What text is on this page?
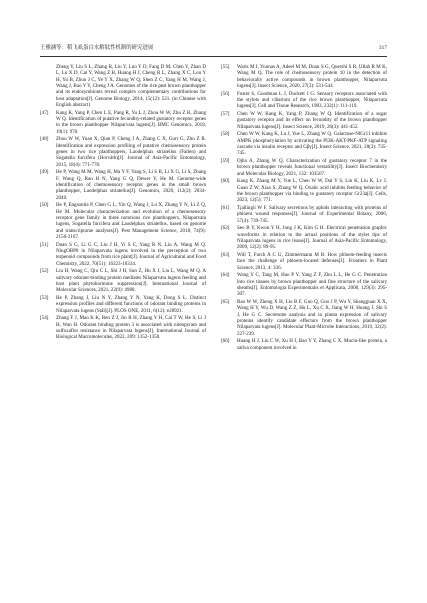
王雅涵等：稻飞虱蛋白水解肽性机制的研究进展	317
Zheng Y, Liu S L, Zhang R, Liu Y, Luo Y D, Fang D M, Chen Y, Zhan D L, Lu X D, Cai Y, Wang Z B, Huang H J, Cheng R L, Zhang X C, Lou Y H, Yu B, Zhuo J C, Ye Y X, Zhang W Q, Shen Z C, Yang H M, Wang J, Wang J, Bao Y Y, Cheng J A. Genomes of the rice pest brown planthopper and its endosymbionts reveal complex complementary contributions for host adaptation[J]. Genome Biology, 2014, 15(12): 521. (in Chinese with English abstract)
[47] Kang K, Yang P, Chen L E, Pang R, Yu L J, Zhou W W, Zhu Z R, Zhang W Q. Identification of putative fecundity-related gustatory receptor genes in the brown planthopper Nilaparvata lugens[J]. BMC Genomics, 2018, 19(1): 970.
[48] Zhou W W, Yuan X, Qian P, Cheng J A, Zhang C X, Gurr G, Zhu Z R. Identification and expression profiling of putative chemosensory protein genes in two rice planthoppers, Laodelphax striatellus (Fallen) and Sogatella furcifera (Horváth)[J]. Journal of Asia-Pacific Entomology, 2015, 18(4): 771-778.
[49] He P, Wang M M, Wang H, Ma Y F, Yang S, Li S B, Li X G, Li S, Zhang F, Wang Q, Ran H N, Yang G Q, Dewer Y, He M. Genome-wide identification of chemosensory receptor genes in the small brown planthopper, Laodelphax striatellus[J]. Genomics, 2020, 112(2): 2034-2040.
[50] He P, Engsontia P, Chen G L, Yin Q, Wang J, Lu X, Zhang Y N, Li Z Q, He M. Molecular characterization and evolution of a chemosensory receptor gene family in three notorious rice planthoppers, Nilaparvata lugens, Sogatella furcifera and Laodelphax striatellus, based on genome and transcriptome analyses[J]. Pest Management Science, 2018, 74(9): 2156-2167.
[51] Duan S G, Li G C, Liu J H, Yi S C, Yang R N, Liu A, Wang M Q. NlugOBP8 in Nilaparvata lugens involved in the perception of two terpenoid compounds from rice plant[J]. Journal of Agricultural and Food Chemistry, 2022, 70(51): 16323-16334.
[52] Liu H, Wang C, Qiu C L, Shi J H, Sun Z, Hu X J, Liu L, Wang M Q. A salivary odorant-binding protein mediates Nilaparvata lugens feeding and host plant phytohormone suppression[J]. International Journal of Molecular Sciences, 2021, 22(9): 4988.
[53] He P, Zhang J, Liu N Y, Zhang Y N, Yang K, Dong S L. Distinct expression profiles and different functions of odorant binding proteins in Nilaparvata lugens (Stål)[J]. PLOS ONE, 2011, 6(12): e28921.
[54] Zhang F J, Mao K K, Ren Z J, Jin R H, Zhang Y H, Cai T W, He S, Li J H, Wan H. Odorant binding protein 3 is associated with nitenpyram and sulfoxaflor resistance in Nilaparvata lugens[J]. International Journal of Biological Macromolecules, 2022, 209: 1352-1358.
[55] Waris M I, Younas A, Adeel M M, Duan S G, Quershi S R, Ullah R M K, Wang M Q. The role of chemosensory protein 10 in the detection of behaviorally active compounds in brown planthopper, Nilaparvata lugens[J]. Insect Science, 2020, 27(3): 531-544.
[56] Foster S, Goodman L J, Duckett J G. Sensory receptors associated with the stylets and cibarium of the rice brown planthopper, Nilaparvata lugens[J]. Cell and Tissue Research, 1983, 232(1): 111-119.
[57] Chen W W, Kang K, Yang P, Zhang W Q. Identification of a sugar gustatory receptor and its effect on fecundity of the brown planthopper Nilaparvata lugens[J]. Insect Science, 2019, 26(3): 441-452.
[58] Chen W W, Kang K, Lu J, Yue L, Zhang W Q. Galactose-NlGr11 inhibits AMPK phosphorylation by activating the PI3K-AKT-PKF-ATP signaling cascade via insulin receptor and Gβγ[J]. Insect Science, 2021, 28(3): 735-745.
[59] Ojha A, Zhang W Q. Characterization of gustatory receptor 7 in the brown planthopper reveals functional versatility[J]. Insect Biochemistry and Molecular Biology, 2021, 132: 103567.
[60] Kang K, Zhang M Y, Yue L, Chen W W, Dai Y S, Lin K, Liu K, Lv J, Guan Z W, Xiao S, Zhang W Q. Oxalic acid inhibits feeding behavior of the brown planthopper via binding to gustatory receptor Gr23a[J]. Cells, 2023, 12(5): 771.
[61] Tjallingii W F. Salivary secretions by aphids interacting with proteins of phloem wound responses[J]. Journal of Experimental Botany, 2006, 57(4): 739-745.
[62] Seo B Y, Kwon Y H, Jung J K, Kim G H. Electrical penetration graphic waveforms in relation to the actual positions of the stylet tips of Nilaparvata lugens in rice tissue[J]. Journal of Asia-Pacific Entomology, 2009, 12(2): 89-95.
[63] Will T, Furch A C U, Zimmermann M R. How phloem-feeding insects face the challenge of phloem-located defenses[J]. Frontiers in Plant Science, 2013, 4: 336.
[64] Wang Y C, Tang M, Hao P Y, Yang Z F, Zhu L L, He G C. Penetration into rice tissues by brown planthopper and fine structure of the salivary sheaths[J]. Entomologia Experimentalis et Applicata, 2008, 129(3): 295-307.
[65] Rao W W, Zheng X H, Liu B F, Guo Q, Guo J P, Wu Y, Shangguan X X, Wang H Y, Wu D, Wang Z Z, Hu L, Xu C X, Jiang W H, Huang J, Shi S J, He G C. Secretome analysis and in planta expression of salivary proteins identify candidate effectors from the brown planthopper Nilaparvata lugens[J]. Molecular Plant-Microbe Interactions, 2019, 32(2): 227-239.
[66] Huang H J, Liu C W, Xu H J, Bao Y Y, Zhang C X. Mucin-like protein, a saliva component involved in
